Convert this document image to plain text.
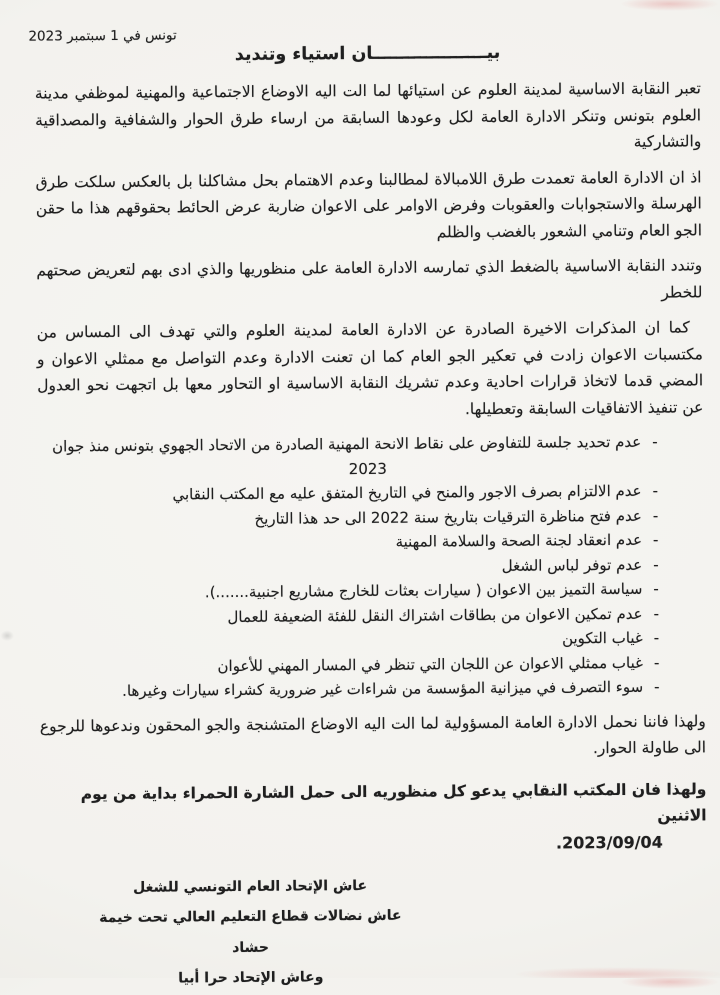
تونس في 1 سبتمبر 2023
بيـــــــــــــــــــان استياء وتنديد

تعبر النقابة الاساسية لمدينة العلوم عن استيائها لما الت اليه الاوضاع الاجتماعية والمهنية لموظفي مدينة العلوم بتونس وتنكر الادارة العامة لكل وعودها السابقة من ارساء طرق الحوار والشفافية والمصداقية والتشاركية

اذ ان الادارة العامة تعمدت طرق اللامبالاة لمطالبنا وعدم الاهتمام بحل مشاكلنا بل بالعكس سلكت طرق الهرسلة والاستجوابات والعقوبات وفرض الاوامر على الاعوان ضاربة عرض الحائط بحقوقهم هذا ما حقن الجو العام وتنامي الشعور بالغضب والظلم

وتندد النقابة الاساسية بالضغط الذي تمارسه الادارة العامة على منظوريها والذي ادى بهم لتعريض صحتهم للخطر

كما ان المذكرات الاخيرة الصادرة عن الادارة العامة لمدينة العلوم والتي تهدف الى المساس من مكتسبات الاعوان زادت في تعكير الجو العام كما ان تعنت الادارة وعدم التواصل مع ممثلي الاعوان و المضي قدما لاتخاذ قرارات احادية وعدم تشريك النقابة الاساسية او التحاور معها بل اتجهت نحو العدول عن تنفيذ الاتفاقيات السابقة وتعطيلها.

-عدم تحديد جلسة للتفاوض على نقاط الانحة المهنية الصادرة من الاتحاد الجهوي بتونس منذ جوان
2023
-عدم الالتزام بصرف الاجور والمنح في التاريخ المتفق عليه مع المكتب النقابي
-عدم فتح مناظرة الترقيات بتاريخ سنة 2022 الى حد هذا التاريخ
-عدم انعقاد لجنة الصحة والسلامة المهنية
-عدم توفر لباس الشغل
-سياسة التميز بين الاعوان ( سيارات بعثات للخارج مشاريع اجنبية.......).
-عدم تمكين الاعوان من بطاقات اشتراك النقل للفئة الضعيفة للعمال
-غياب التكوين
-غياب ممثلي الاعوان عن اللجان التي تنظر في المسار المهني للأعوان
-سوء التصرف في ميزانية المؤسسة من شراءات غير ضرورية كشراء سيارات وغيرها.

ولهذا فاننا نحمل الادارة العامة المسؤولية لما الت اليه الاوضاع المتشنجة والجو المحقون وندعوها للرجوع الى طاولة الحوار.

ولهذا فان المكتب النقابي يدعو كل منظوريه الى حمل الشارة الحمراء بداية من يوم الاثنين
2023/09/04.
عاش الإتحاد العام التونسي للشغل
عاش نضالات قطاع التعليم العالي تحت خيمة حشاد
وعاش الإتحاد حرا أبيا
